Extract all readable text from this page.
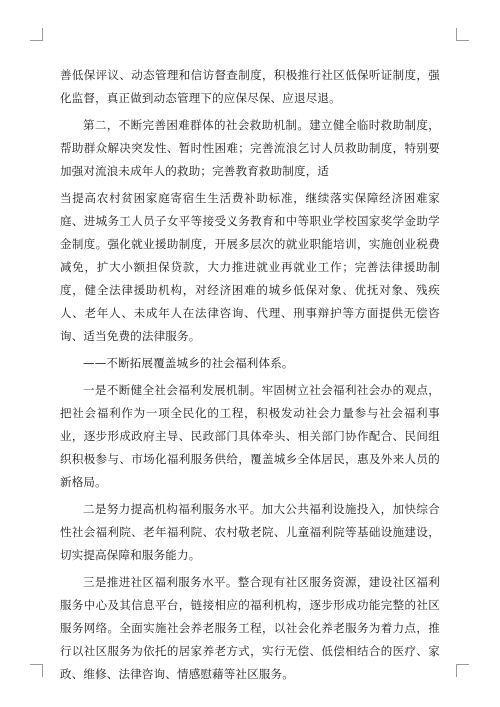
善低保评议、动态管理和信访督查制度，积极推行社区低保听证制度，强化监督，真正做到动态管理下的应保尽保、应退尽退。

第二，不断完善困难群体的社会救助机制。建立健全临时救助制度，帮助群众解决突发性、暂时性困难；完善流浪乞讨人员救助制度，特别要加强对流浪未成年人的救助；完善教育救助制度，适

当提高农村贫困家庭寄宿生生活费补助标准，继续落实保障经济困难家庭、进城务工人员子女平等接受义务教育和中等职业学校国家奖学金助学金制度。强化就业援助制度，开展多层次的就业职能培训，实施创业税费减免，扩大小额担保贷款，大力推进就业再就业工作；完善法律援助制度，健全法律援助机构，对经济困难的城乡低保对象、优抚对象、残疾人、老年人、未成年人在法律咨询、代理、刑事辩护等方面提供无偿咨询、适当免费的法律服务。

——不断拓展覆盖城乡的社会福利体系。

一是不断健全社会福利发展机制。牢固树立社会福利社会办的观点，把社会福利作为一项全民化的工程，积极发动社会力量参与社会福利事业，逐步形成政府主导、民政部门具体牵头、相关部门协作配合、民间组织积极参与、市场化福利服务供给，覆盖城乡全体居民，惠及外来人员的新格局。

二是努力提高机构福利服务水平。加大公共福利设施投入，加快综合性社会福利院、老年福利院、农村敬老院、儿童福利院等基础设施建设，切实提高保障和服务能力。

三是推进社区福利服务水平。整合现有社区服务资源，建设社区福利服务中心及其信息平台，链接相应的福利机构，逐步形成功能完整的社区服务网络。全面实施社会养老服务工程，以社会化养老服务为着力点，推行以社区服务为依托的居家养老方式，实行无偿、低偿相结合的医疗、家政、维修、法律咨询、情感慰藉等社区服务。
